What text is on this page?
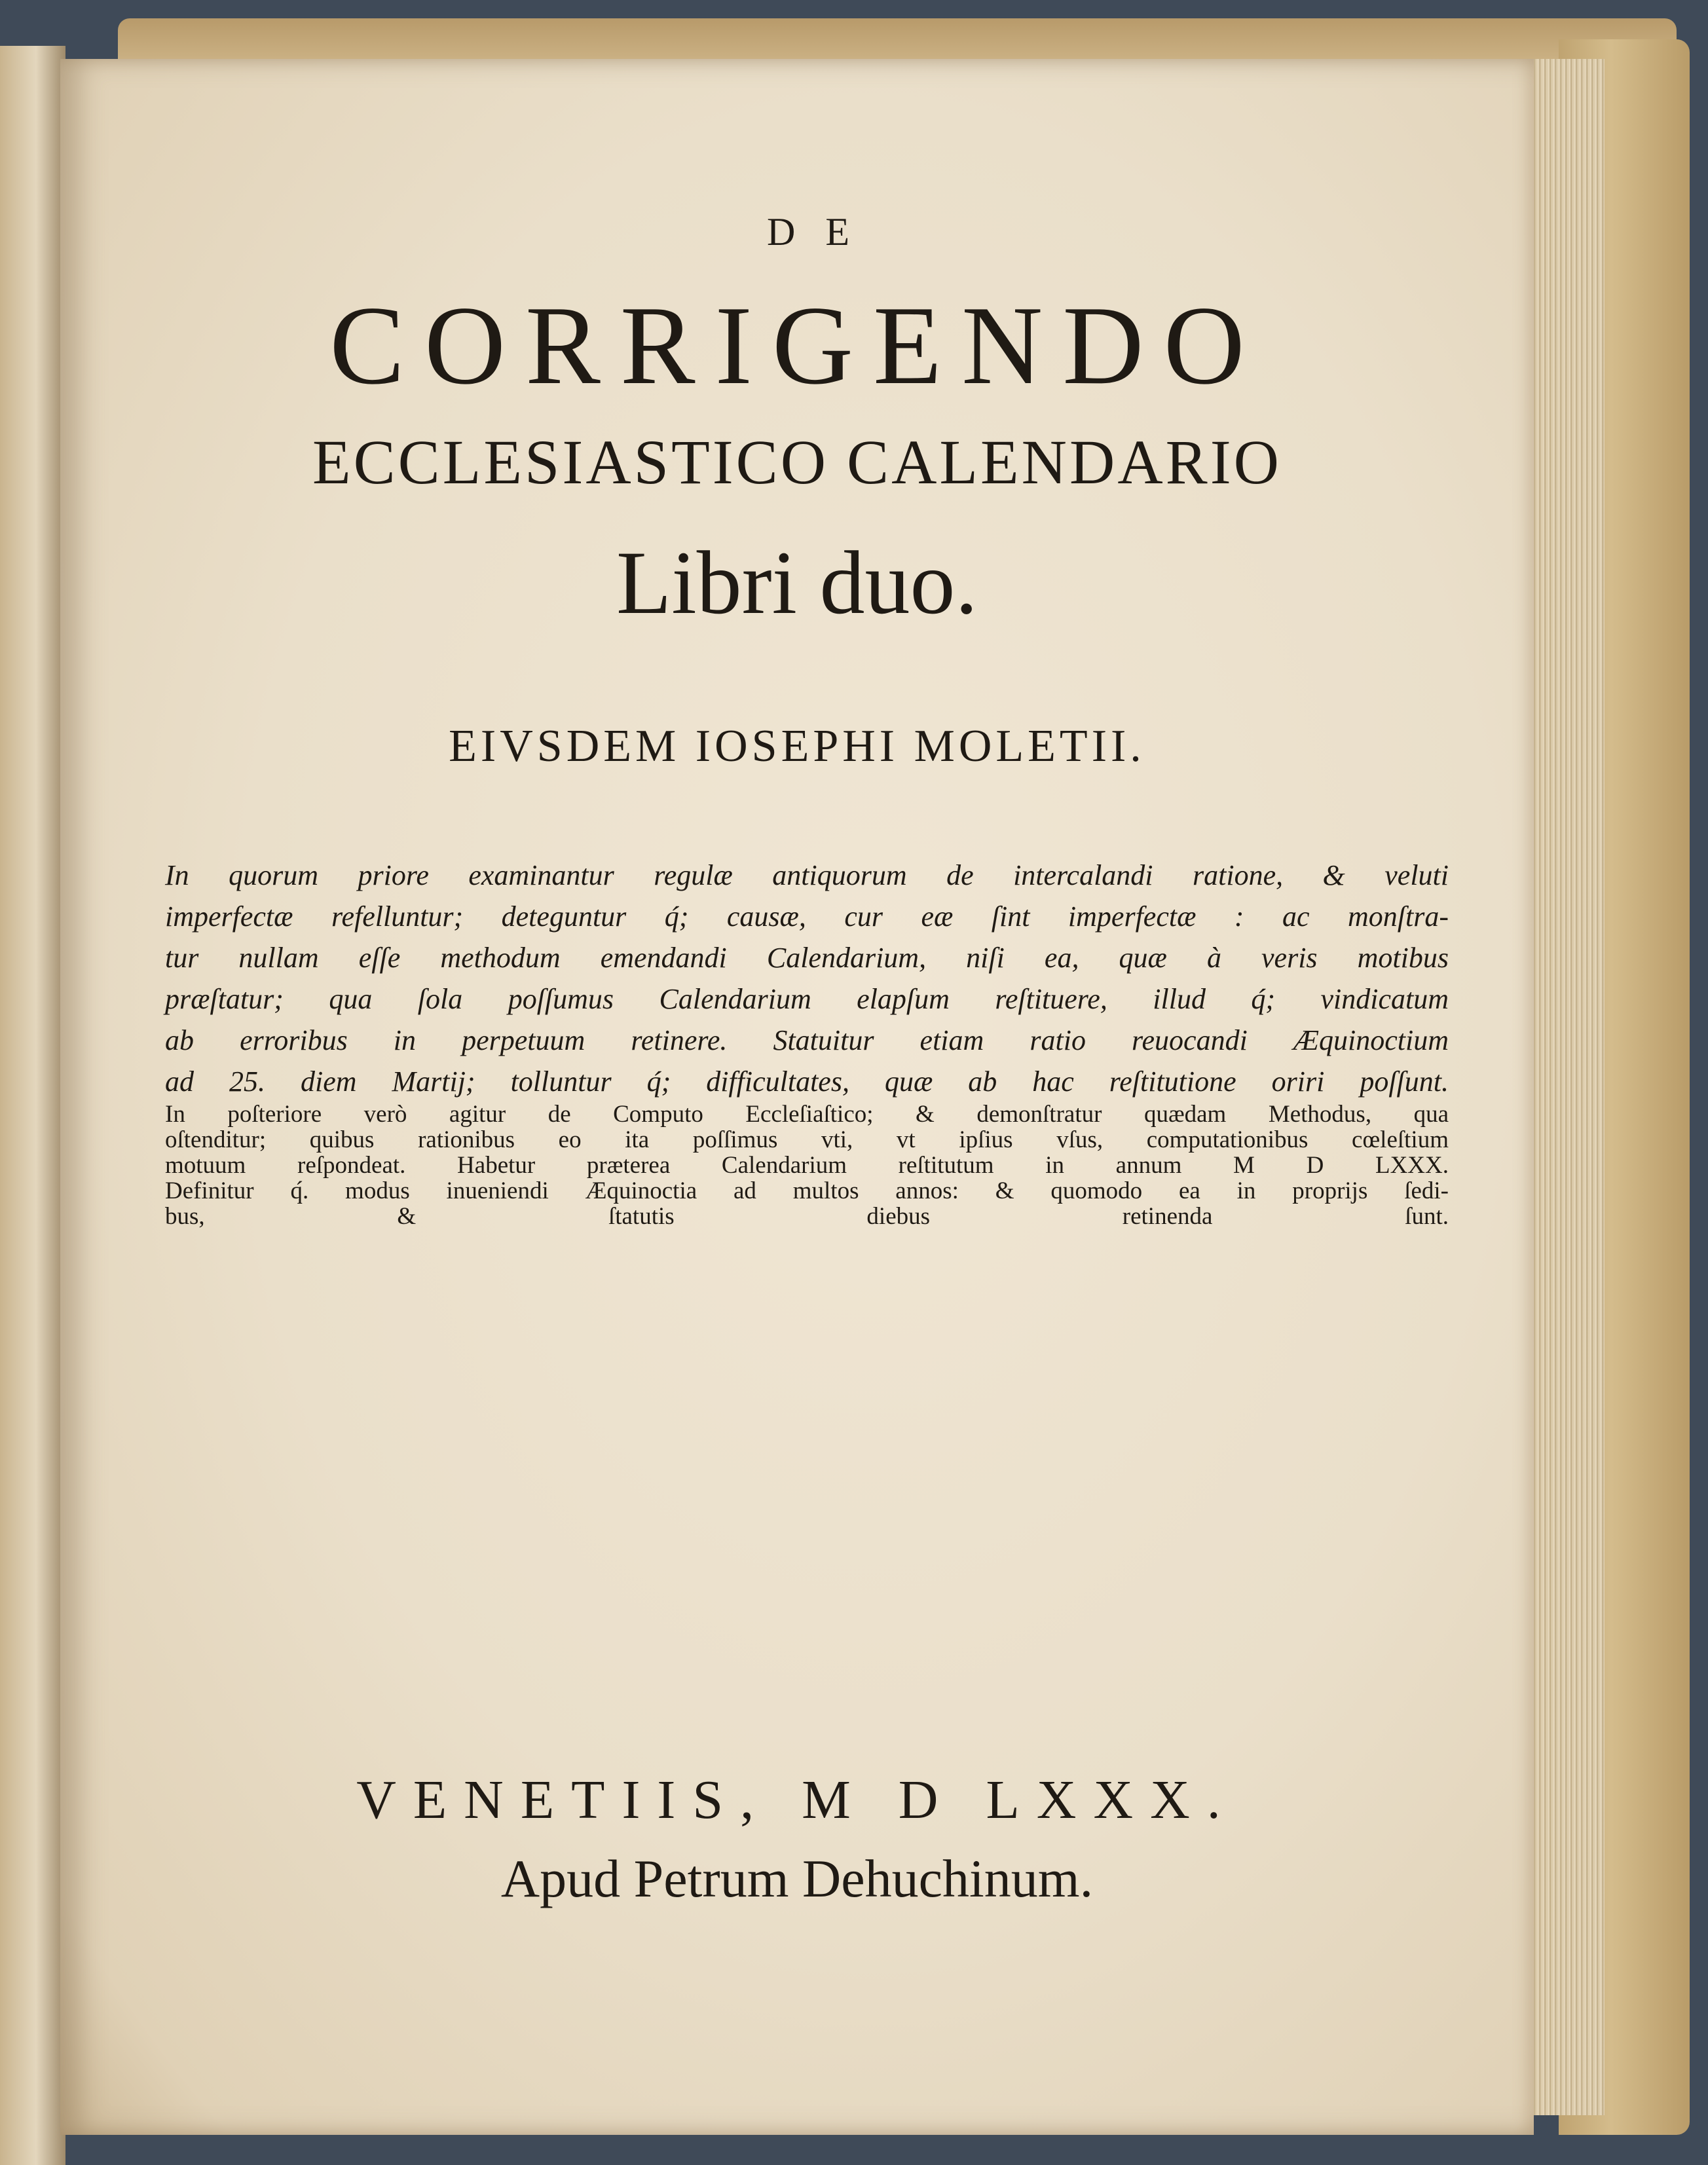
DE
CORRIGENDO
ECCLESIASTICO CALENDARIO
Libri duo.
EIVSDEM IOSEPHI MOLETII.
In quorum priore examinantur regulæ antiquorum de intercalandi ratione, & veluti
imperfectæ refelluntur; deteguntur q́; causæ, cur eæ ſint imperfectæ : ac monſtra-
tur nullam eſſe methodum emendandi Calendarium, niſi ea, quæ à veris motibus
præſtatur; qua ſola poſſumus Calendarium elapſum reſtituere, illud q́; vindicatum
ab erroribus in perpetuum retinere. Statuitur etiam ratio reuocandi Æquinoctium
ad 25. diem Martij; tolluntur q́; difficultates, quæ ab hac reſtitutione oriri poſſunt.
In poſteriore verò agitur de Computo Eccleſiaſtico; & demonſtratur quædam Methodus, qua
oſtenditur; quibus rationibus eo ita poſſimus vti, vt ipſius vſus, computationibus cœleſtium
motuum reſpondeat. Habetur præterea Calendarium reſtitutum in annum M D LXXX.
Definitur q́. modus inueniendi Æquinoctia ad multos annos: & quomodo ea in proprijs ſedi-
bus, & ſtatutis diebus retinenda ſunt.
VENETIIS, M D LXXX.
Apud Petrum Dehuchinum.
